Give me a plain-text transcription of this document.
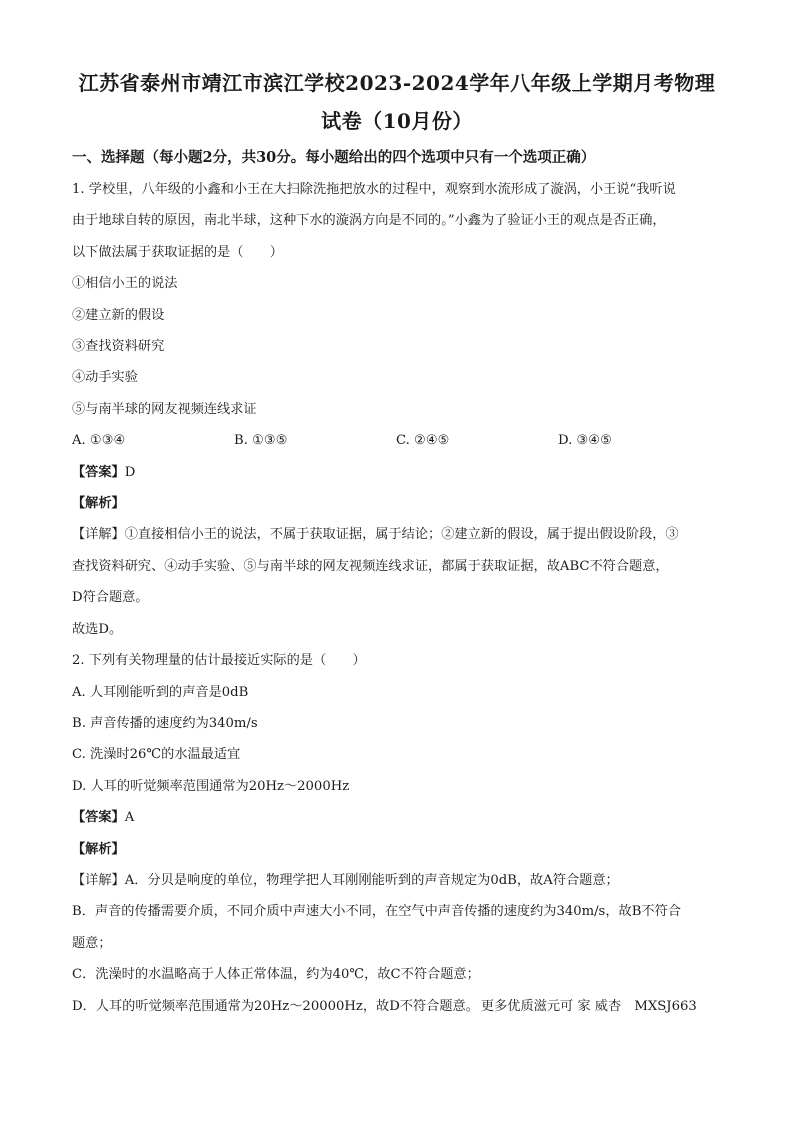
江苏省泰州市靖江市滨江学校2023-2024学年八年级上学期月考物理
试卷（10月份）
一、选择题（每小题2分，共30分。每小题给出的四个选项中只有一个选项正确）
1. 学校里，八年级的小鑫和小王在大扫除洗拖把放水的过程中，观察到水流形成了漩涡，小王说“我听说
由于地球自转的原因，南北半球，这种下水的漩涡方向是不同的。”小鑫为了验证小王的观点是否正确，
以下做法属于获取证据的是（　　）
①相信小王的说法
②建立新的假设
③查找资料研究
④动手实验
⑤与南半球的网友视频连线求证
A. ①③④	B. ①③⑤	C. ②④⑤	D. ③④⑤
【答案】D
【解析】
【详解】①直接相信小王的说法，不属于获取证据，属于结论；②建立新的假设，属于提出假设阶段，③
查找资料研究、④动手实验、⑤与南半球的网友视频连线求证，都属于获取证据，故ABC不符合题意，
D符合题意。
故选D。
2. 下列有关物理量的估计最接近实际的是（　　）
A. 人耳刚能听到的声音是0dB
B. 声音传播的速度约为340m/s
C. 洗澡时26℃的水温最适宜
D. 人耳的听觉频率范围通常为20Hz～2000Hz
【答案】A
【解析】
【详解】A．分贝是响度的单位，物理学把人耳刚刚能听到的声音规定为0dB，故A符合题意；
B．声音的传播需要介质，不同介质中声速大小不同，在空气中声音传播的速度约为340m/s，故B不符合
题意；
C．洗澡时的水温略高于人体正常体温，约为40℃，故C不符合题意；
D．人耳的听觉频率范围通常为20Hz～20000Hz，故D不符合题意。 更多优质滋元可 家 威杏　MXSJ663
